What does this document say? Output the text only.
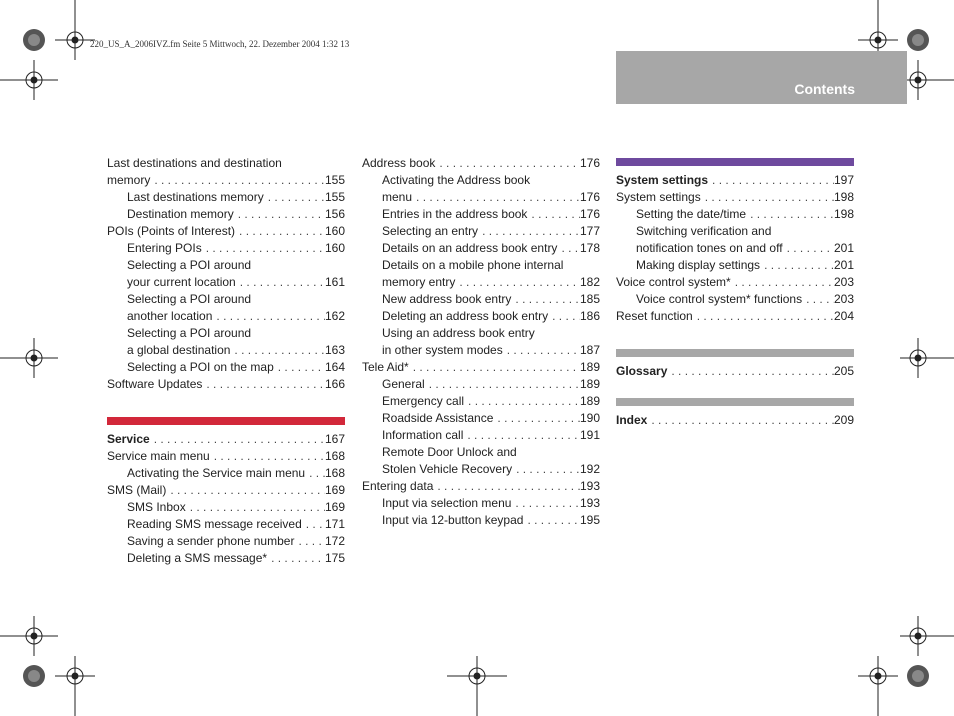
220_US_A_2006IVZ.fm Seite 5 Mittwoch, 22. Dezember 2004 1:32 13
Contents
Last destinations and destination
memory . . .	155
Last destinations memory . . .	155
Destination memory . . .	156
POIs (Points of Interest) . . .	160
Entering POIs . . .	160
Selecting a POI around
your current location . . .	161
Selecting a POI around
another location . . .	162
Selecting a POI around
a global destination . . .	163
Selecting a POI on the map . . .	164
Software Updates . . .	166
Service . . .	167
Service main menu . . .	168
Activating the Service main menu . . . 168
SMS (Mail) . . .	169
SMS Inbox . . .	169
Reading SMS message received . . . 171
Saving a sender phone number . . .	172
Deleting a SMS message* . . .	175
Address book . . .	176
Activating the Address book
menu . . .	176
Entries in the address book . . .	176
Selecting an entry . . .	177
Details on an address book entry . . . 178
Details on a mobile phone internal
memory entry . . .	182
New address book entry . . .	185
Deleting an address book entry . . .	186
Using an address book entry
in other system modes . . .	187
Tele Aid* . . .	189
General . . .	189
Emergency call . . .	189
Roadside Assistance . . .	190
Information call . . .	191
Remote Door Unlock and
Stolen Vehicle Recovery . . .	192
Entering data . . .	193
Input via selection menu . . .	193
Input via 12-button keypad . . .	195
System settings . . .	197
System settings . . .	198
Setting the date/time . . .	198
Switching verification and
notification tones on and off . . .	201
Making display settings . . .	201
Voice control system* . . .	203
Voice control system* functions . . .	203
Reset function . . .	204
Glossary . . .	205
Index . . .	209
